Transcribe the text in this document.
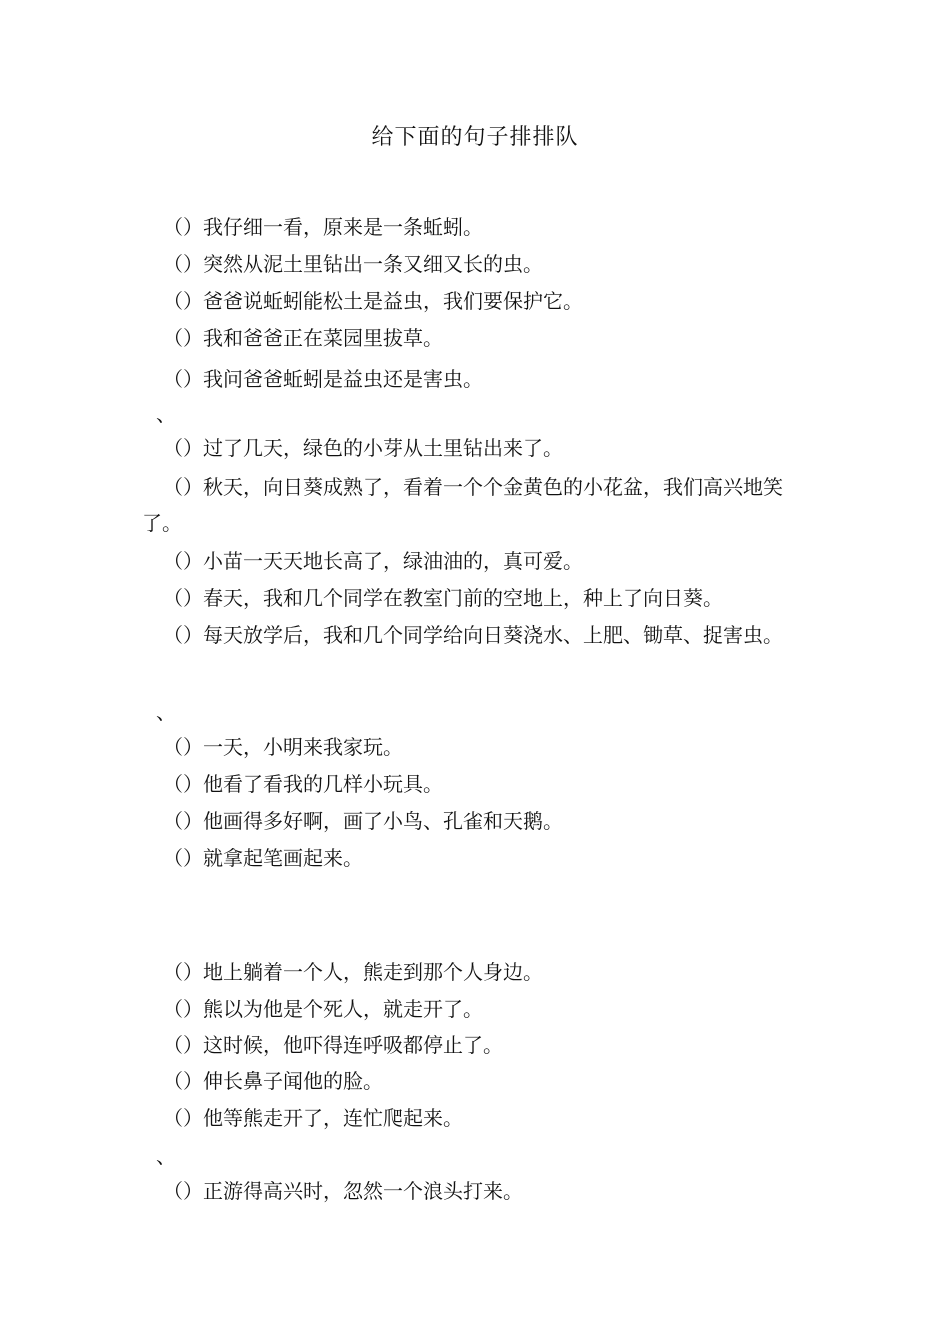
给下面的句子排排队
（）我仔细一看，原来是一条蚯蚓。
（）突然从泥土里钻出一条又细又长的虫。
（）爸爸说蚯蚓能松土是益虫，我们要保护它。
（）我和爸爸正在菜园里拔草。
（）我问爸爸蚯蚓是益虫还是害虫。
、
（）过了几天，绿色的小芽从土里钻出来了。
（）秋天，向日葵成熟了，看着一个个金黄色的小花盆，我们高兴地笑了。
（）小苗一天天地长高了，绿油油的，真可爱。
（）春天，我和几个同学在教室门前的空地上，种上了向日葵。
（）每天放学后，我和几个同学给向日葵浇水、上肥、锄草、捉害虫。
、
（）一天，小明来我家玩。
（）他看了看我的几样小玩具。
（）他画得多好啊，画了小鸟、孔雀和天鹅。
（）就拿起笔画起来。
（）地上躺着一个人，熊走到那个人身边。
（）熊以为他是个死人，就走开了。
（）这时候，他吓得连呼吸都停止了。
（）伸长鼻子闻他的脸。
（）他等熊走开了，连忙爬起来。
、
（）正游得高兴时，忽然一个浪头打来。
